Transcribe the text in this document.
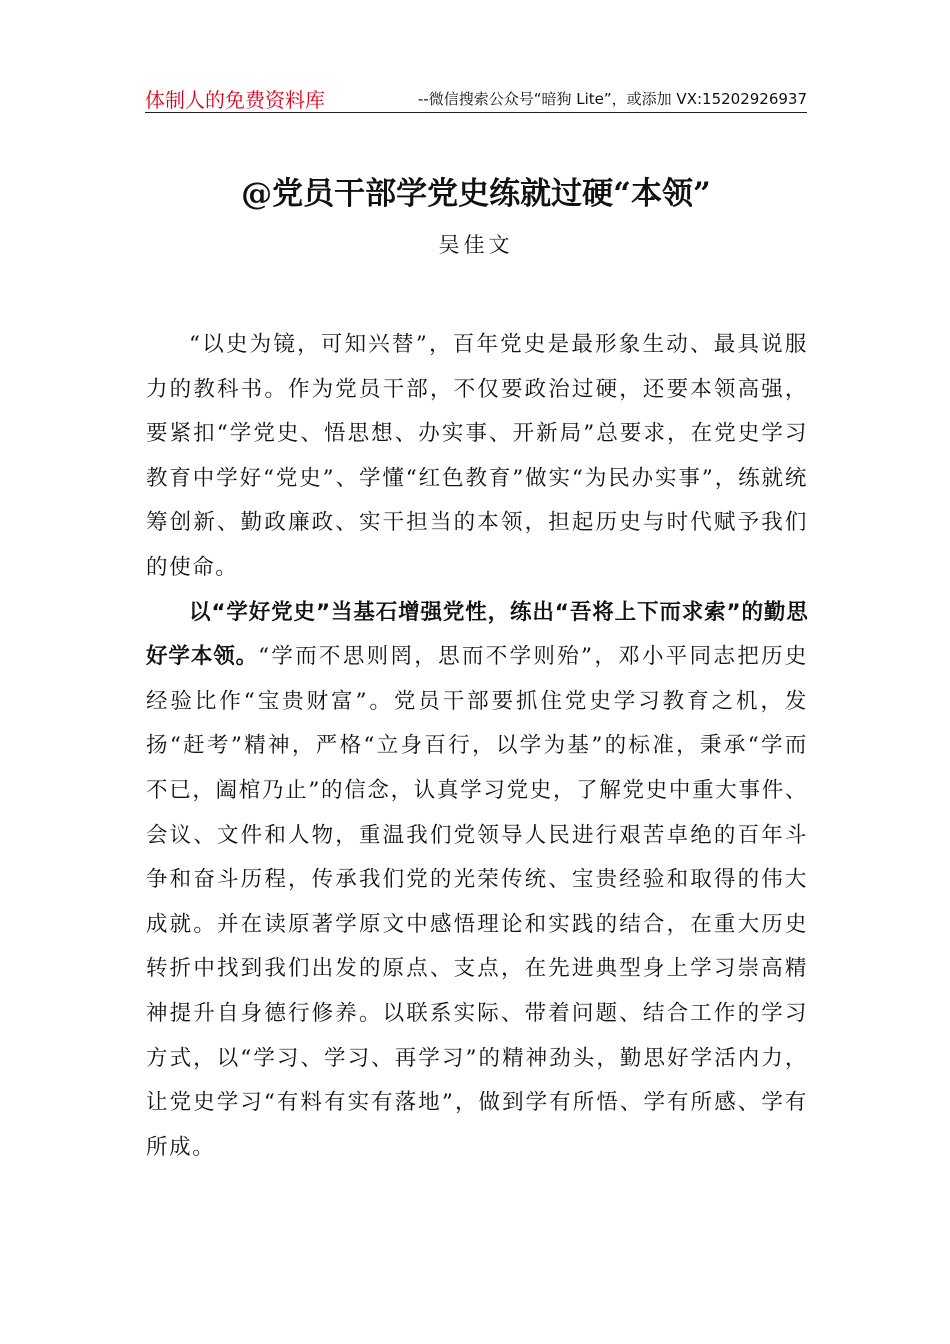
体制人的免费资料库	--微信搜索公众号“暗狗 Lite”，或添加 VX:15202926937
@党员干部学党史练就过硬“本领”
吴佳文

“以史为镜，可知兴替”，百年党史是最形象生动、最具说服力的教科书。作为党员干部，不仅要政治过硬，还要本领高强，要紧扣“学党史、悟思想、办实事、开新局”总要求，在党史学习教育中学好“党史”、学懂“红色教育”做实“为民办实事”，练就统筹创新、勤政廉政、实干担当的本领，担起历史与时代赋予我们的使命。

以“学好党史”当基石增强党性，练出“吾将上下而求索”的勤思好学本领。“学而不思则罔，思而不学则殆”，邓小平同志把历史经验比作“宝贵财富”。党员干部要抓住党史学习教育之机，发扬“赶考”精神，严格“立身百行，以学为基”的标准，秉承“学而不已，阖棺乃止”的信念，认真学习党史，了解党史中重大事件、会议、文件和人物，重温我们党领导人民进行艰苦卓绝的百年斗争和奋斗历程，传承我们党的光荣传统、宝贵经验和取得的伟大成就。并在读原著学原文中感悟理论和实践的结合，在重大历史转折中找到我们出发的原点、支点，在先进典型身上学习崇高精神提升自身德行修养。以联系实际、带着问题、结合工作的学习方式，以“学习、学习、再学习”的精神劲头，勤思好学活内力，让党史学习“有料有实有落地”，做到学有所悟、学有所感、学有所成。
